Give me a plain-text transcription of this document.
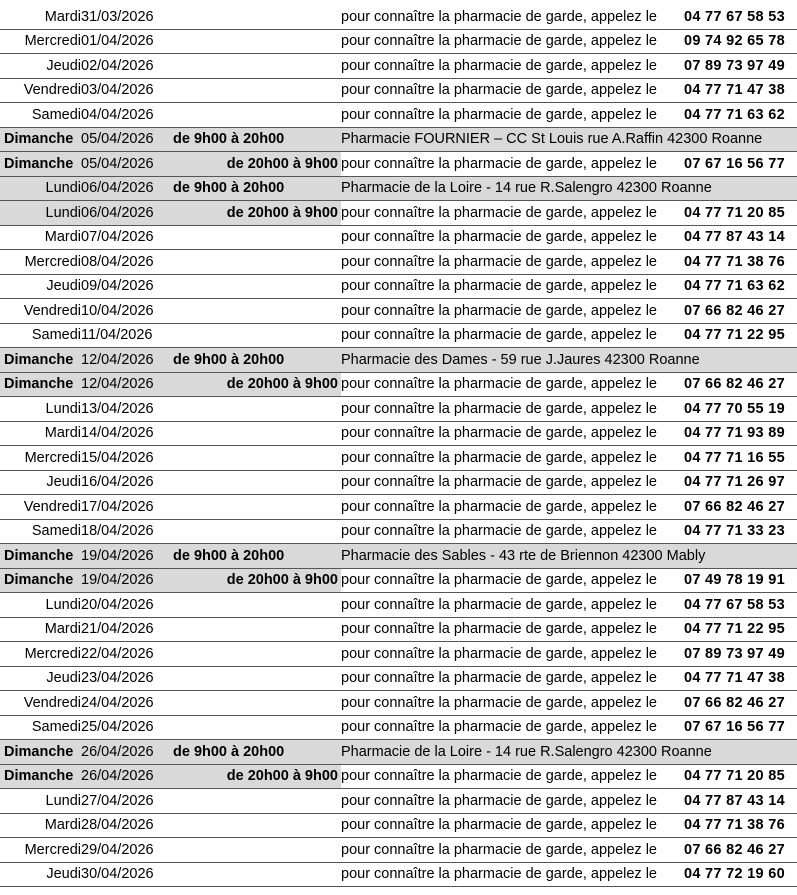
Mardi	31/03/2026		pour connaître la pharmacie de garde, appelez le	04 77 67 58 53
Mercredi	01/04/2026		pour connaître la pharmacie de garde, appelez le	09 74 92 65 78
Jeudi	02/04/2026		pour connaître la pharmacie de garde, appelez le	07 89 73 97 49
Vendredi	03/04/2026		pour connaître la pharmacie de garde, appelez le	04 77 71 47 38
Samedi	04/04/2026		pour connaître la pharmacie de garde, appelez le	04 77 71 63 62
Dimanche	05/04/2026	de 9h00 à 20h00	Pharmacie FOURNIER – CC St Louis rue A.Raffin 42300 Roanne	
Dimanche	05/04/2026	de 20h00 à 9h00	pour connaître la pharmacie de garde, appelez le	07 67 16 56 77
Lundi	06/04/2026	de 9h00 à 20h00	Pharmacie de la Loire - 14 rue R.Salengro 42300 Roanne	
Lundi	06/04/2026	de 20h00 à 9h00	pour connaître la pharmacie de garde, appelez le	04 77 71 20 85
Mardi	07/04/2026		pour connaître la pharmacie de garde, appelez le	04 77 87 43 14
Mercredi	08/04/2026		pour connaître la pharmacie de garde, appelez le	04 77 71 38 76
Jeudi	09/04/2026		pour connaître la pharmacie de garde, appelez le	04 77 71 63 62
Vendredi	10/04/2026		pour connaître la pharmacie de garde, appelez le	07 66 82 46 27
Samedi	11/04/2026		pour connaître la pharmacie de garde, appelez le	04 77 71 22 95
Dimanche	12/04/2026	de 9h00 à 20h00	Pharmacie des Dames - 59 rue J.Jaures 42300 Roanne	
Dimanche	12/04/2026	de 20h00 à 9h00	pour connaître la pharmacie de garde, appelez le	07 66 82 46 27
Lundi	13/04/2026		pour connaître la pharmacie de garde, appelez le	04 77 70 55 19
Mardi	14/04/2026		pour connaître la pharmacie de garde, appelez le	04 77 71 93 89
Mercredi	15/04/2026		pour connaître la pharmacie de garde, appelez le	04 77 71 16 55
Jeudi	16/04/2026		pour connaître la pharmacie de garde, appelez le	04 77 71 26 97
Vendredi	17/04/2026		pour connaître la pharmacie de garde, appelez le	07 66 82 46 27
Samedi	18/04/2026		pour connaître la pharmacie de garde, appelez le	04 77 71 33 23
Dimanche	19/04/2026	de 9h00 à 20h00	Pharmacie des Sables - 43 rte de Briennon 42300 Mably	
Dimanche	19/04/2026	de 20h00 à 9h00	pour connaître la pharmacie de garde, appelez le	07 49 78 19 91
Lundi	20/04/2026		pour connaître la pharmacie de garde, appelez le	04 77 67 58 53
Mardi	21/04/2026		pour connaître la pharmacie de garde, appelez le	04 77 71 22 95
Mercredi	22/04/2026		pour connaître la pharmacie de garde, appelez le	07 89 73 97 49
Jeudi	23/04/2026		pour connaître la pharmacie de garde, appelez le	04 77 71 47 38
Vendredi	24/04/2026		pour connaître la pharmacie de garde, appelez le	07 66 82 46 27
Samedi	25/04/2026		pour connaître la pharmacie de garde, appelez le	07 67 16 56 77
Dimanche	26/04/2026	de 9h00 à 20h00	Pharmacie de la Loire - 14 rue R.Salengro 42300 Roanne	
Dimanche	26/04/2026	de 20h00 à 9h00	pour connaître la pharmacie de garde, appelez le	04 77 71 20 85
Lundi	27/04/2026		pour connaître la pharmacie de garde, appelez le	04 77 87 43 14
Mardi	28/04/2026		pour connaître la pharmacie de garde, appelez le	04 77 71 38 76
Mercredi	29/04/2026		pour connaître la pharmacie de garde, appelez le	07 66 82 46 27
Jeudi	30/04/2026		pour connaître la pharmacie de garde, appelez le	04 77 72 19 60
